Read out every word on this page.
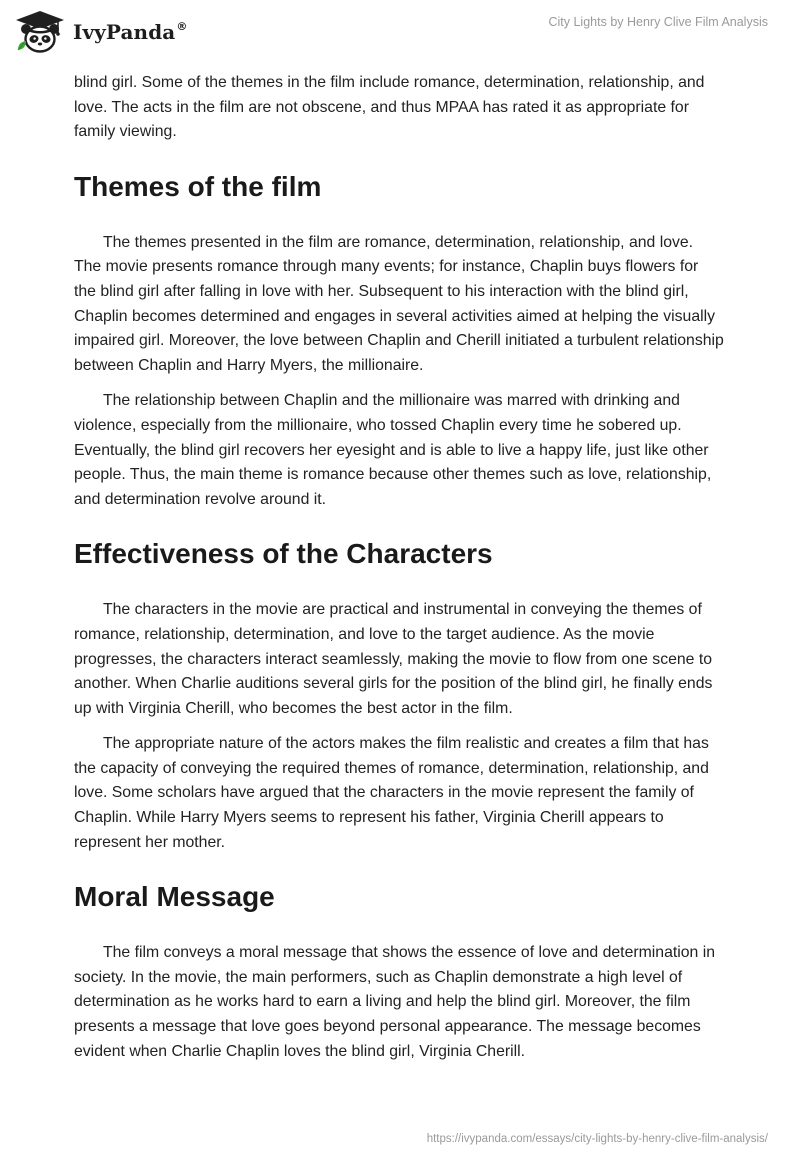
IvyPanda®	City Lights by Henry Clive Film Analysis

blind girl. Some of the themes in the film include romance, determination, relationship, and love. The acts in the film are not obscene, and thus MPAA has rated it as appropriate for family viewing.

Themes of the film

The themes presented in the film are romance, determination, relationship, and love. The movie presents romance through many events; for instance, Chaplin buys flowers for the blind girl after falling in love with her. Subsequent to his interaction with the blind girl, Chaplin becomes determined and engages in several activities aimed at helping the visually impaired girl. Moreover, the love between Chaplin and Cherill initiated a turbulent relationship between Chaplin and Harry Myers, the millionaire.

The relationship between Chaplin and the millionaire was marred with drinking and violence, especially from the millionaire, who tossed Chaplin every time he sobered up. Eventually, the blind girl recovers her eyesight and is able to live a happy life, just like other people. Thus, the main theme is romance because other themes such as love, relationship, and determination revolve around it.

Effectiveness of the Characters

The characters in the movie are practical and instrumental in conveying the themes of romance, relationship, determination, and love to the target audience. As the movie progresses, the characters interact seamlessly, making the movie to flow from one scene to another. When Charlie auditions several girls for the position of the blind girl, he finally ends up with Virginia Cherill, who becomes the best actor in the film.

The appropriate nature of the actors makes the film realistic and creates a film that has the capacity of conveying the required themes of romance, determination, relationship, and love. Some scholars have argued that the characters in the movie represent the family of Chaplin. While Harry Myers seems to represent his father, Virginia Cherill appears to represent her mother.

Moral Message

The film conveys a moral message that shows the essence of love and determination in society. In the movie, the main performers, such as Chaplin demonstrate a high level of determination as he works hard to earn a living and help the blind girl. Moreover, the film presents a message that love goes beyond personal appearance. The message becomes evident when Charlie Chaplin loves the blind girl, Virginia Cherill.

https://ivypanda.com/essays/city-lights-by-henry-clive-film-analysis/
